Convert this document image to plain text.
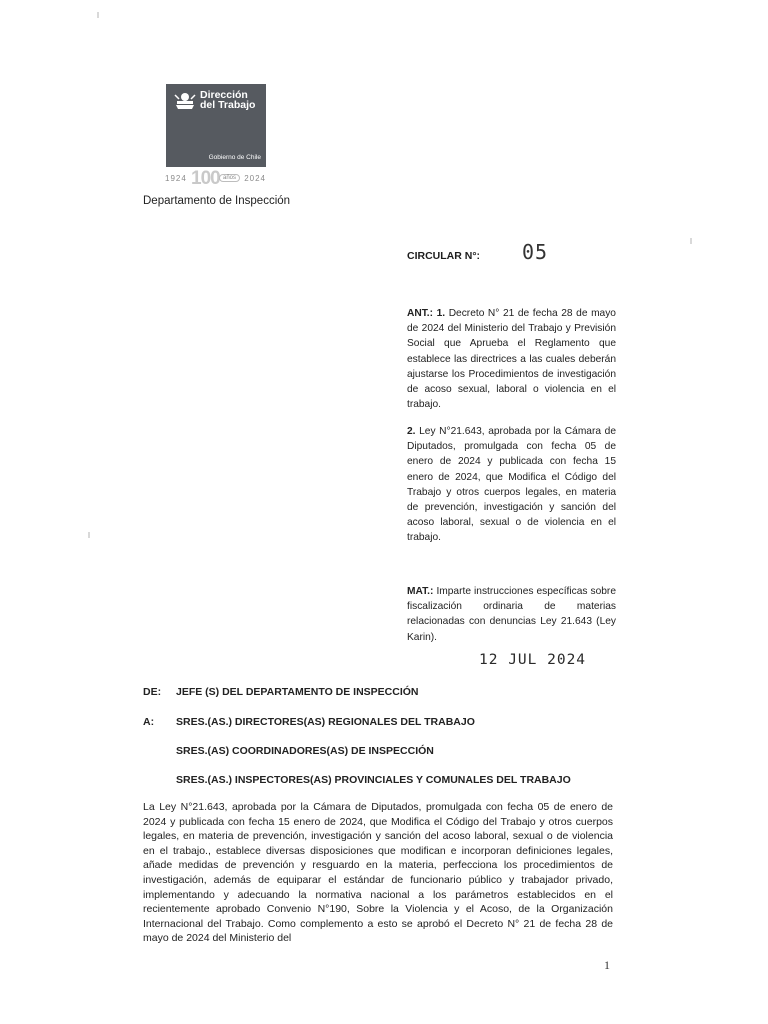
Dirección
del Trabajo
Gobierno de Chile
1924 100 años	2024
Departamento de Inspección
CIRCULAR N°: 05
ANT.: 1. Decreto N° 21 de fecha 28 de mayo de 2024 del Ministerio del Trabajo y Previsión Social que Aprueba el Reglamento que establece las directrices a las cuales deberán ajustarse los Procedimientos de investigación de acoso sexual, laboral o violencia en el trabajo.
2. Ley N°21.643, aprobada por la Cámara de Diputados, promulgada con fecha 05 de enero de 2024 y publicada con fecha 15 enero de 2024, que Modifica el Código del Trabajo y otros cuerpos legales, en materia de prevención, investigación y sanción del acoso laboral, sexual o de violencia en el trabajo.
MAT.: Imparte instrucciones específicas sobre fiscalización ordinaria de materias relacionadas con denuncias Ley 21.643 (Ley Karin).
12 JUL 2024
DE: JEFE (S) DEL DEPARTAMENTO DE INSPECCIÓN
A: SRES.(AS.) DIRECTORES(AS) REGIONALES DEL TRABAJO
SRES.(AS) COORDINADORES(AS) DE INSPECCIÓN
SRES.(AS.) INSPECTORES(AS) PROVINCIALES Y COMUNALES DEL TRABAJO
La Ley N°21.643, aprobada por la Cámara de Diputados, promulgada con fecha 05 de enero de 2024 y publicada con fecha 15 enero de 2024, que Modifica el Código del Trabajo y otros cuerpos legales, en materia de prevención, investigación y sanción del acoso laboral, sexual o de violencia en el trabajo., establece diversas disposiciones que modifican e incorporan definiciones legales, añade medidas de prevención y resguardo en la materia, perfecciona los procedimientos de investigación, además de equiparar el estándar de funcionario público y trabajador privado, implementando y adecuando la normativa nacional a los parámetros establecidos en el recientemente aprobado Convenio N°190, Sobre la Violencia y el Acoso, de la Organización Internacional del Trabajo. Como complemento a esto se aprobó el Decreto N° 21 de fecha 28 de mayo de 2024 del Ministerio del
1
